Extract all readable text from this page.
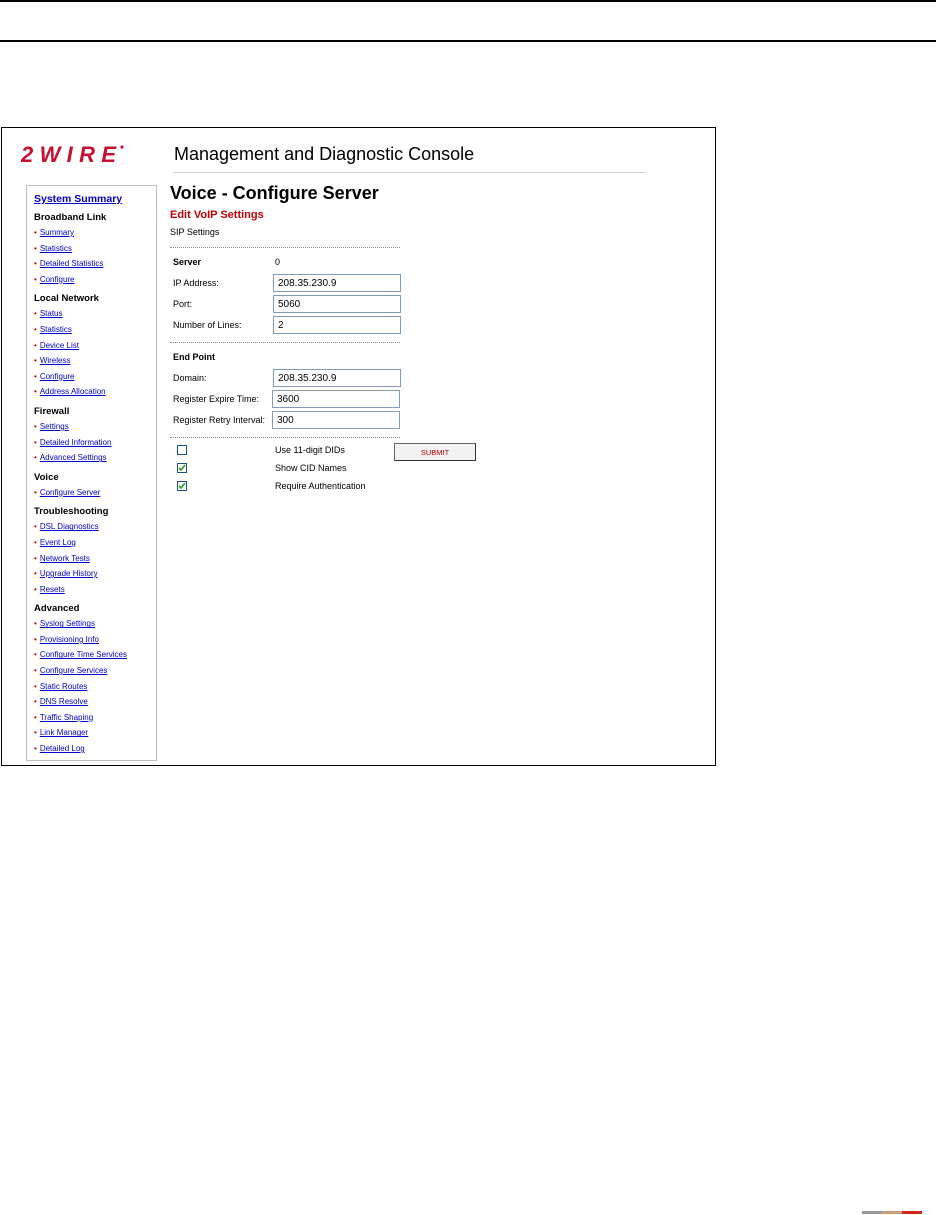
2WIRE	Management and Diagnostic Console
System Summary
Broadband Link
• Summary
• Statistics
• Detailed Statistics
• Configure
Local Network
• Status
• Statistics
• Device List
• Wireless
• Configure
• Address Allocation
Firewall
• Settings
• Detailed Information
• Advanced Settings
Voice
• Configure Server
Troubleshooting
• DSL Diagnostics
• Event Log
• Network Tests
• Upgrade History
• Resets
Advanced
• Syslog Settings
• Provisioning Info
• Configure Time Services
• Configure Services
• Static Routes
• DNS Resolve
• Traffic Shaping
• Link Manager
• Detailed Log
Voice - Configure Server
Edit VoIP Settings
SIP Settings
Server	0
IP Address:
208.35.230.9
Port:
5060
Number of Lines:
2
End Point
Domain:
208.35.230.9
Register Expire Time:
3600
Register Retry Interval:
300
Use 11-digit DIDs
Show CID Names
Require Authentication
SUBMIT
